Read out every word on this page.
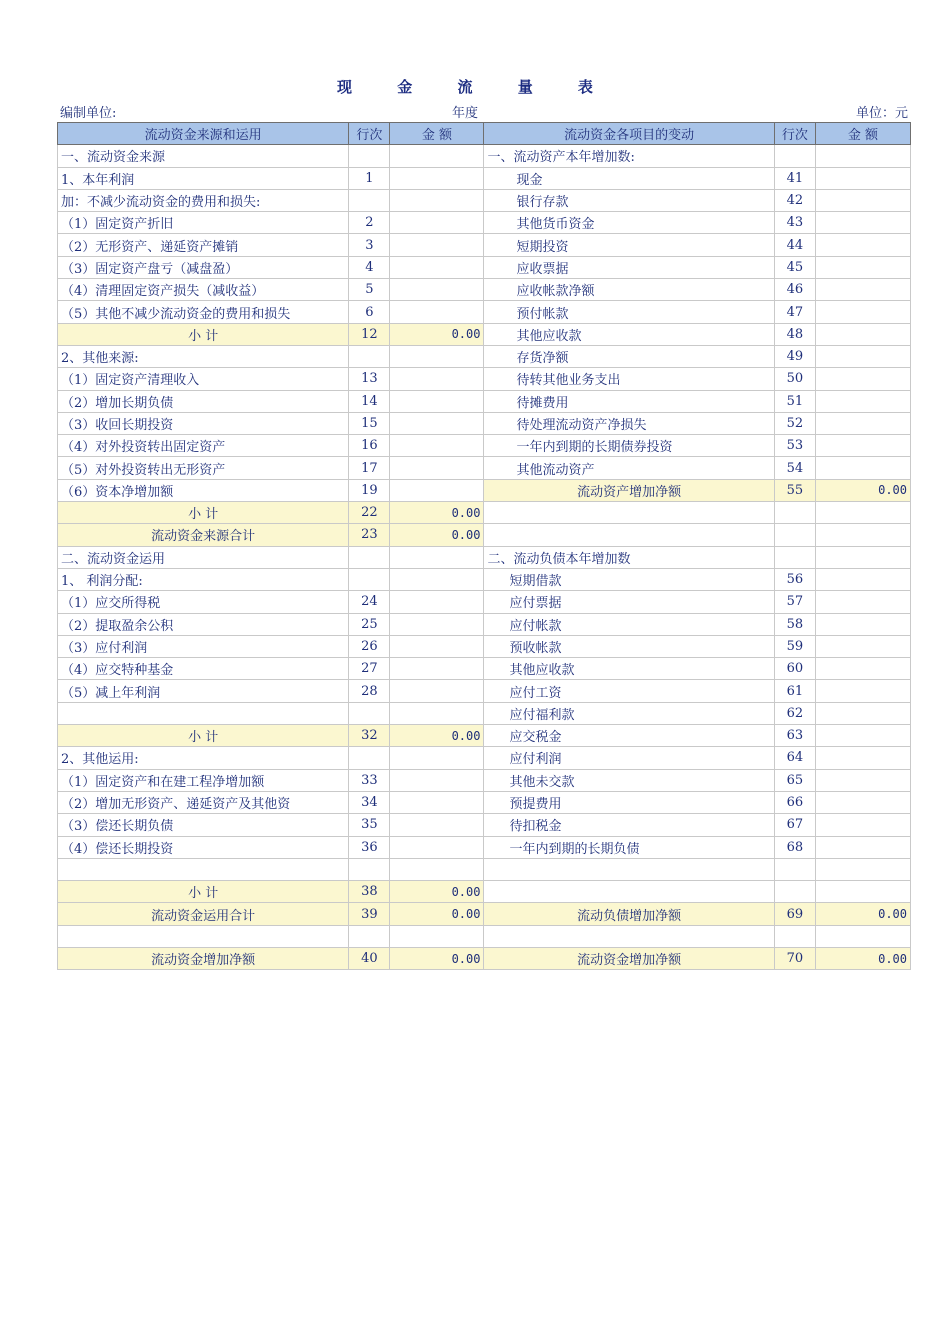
现 金 流 量 表
编制单位:	年度	单位：元
流动资金来源和运用	行次	金 额	流动资金各项目的变动	行次	金 额
一、流动资金来源			一、流动资产本年增加数:		
1、本年利润	1		现金	41	
加：不减少流动资金的费用和损失:			银行存款	42	
（1）固定资产折旧	2		其他货币资金	43	
（2）无形资产、递延资产摊销	3		短期投资	44	
（3）固定资产盘亏（减盘盈）	4		应收票据	45	
（4）清理固定资产损失（减收益）	5		应收帐款净额	46	
（5）其他不减少流动资金的费用和损失	6		预付帐款	47	
小 计	12	0.00	其他应收款	48	
2、其他来源:			存货净额	49	
（1）固定资产清理收入	13		待转其他业务支出	50	
（2）增加长期负债	14		待摊费用	51	
（3）收回长期投资	15		待处理流动资产净损失	52	
（4）对外投资转出固定资产	16		一年内到期的长期债券投资	53	
（5）对外投资转出无形资产	17		其他流动资产	54	
（6）资本净增加额	19		流动资产增加净额	55	0.00
小 计	22	0.00			
流动资金来源合计	23	0.00			
二、流动资金运用			二、流动负债本年增加数		
1、 利润分配:			短期借款	56	
（1）应交所得税	24		应付票据	57	
（2）提取盈余公积	25		应付帐款	58	
（3）应付利润	26		预收帐款	59	
（4）应交特种基金	27		其他应收款	60	
（5）减上年利润	28		应付工资	61	
			应付福利款	62	
小 计	32	0.00	应交税金	63	
2、其他运用:			应付利润	64	
（1）固定资产和在建工程净增加额	33		其他未交款	65	
（2）增加无形资产、递延资产及其他资	34		预提费用	66	
（3）偿还长期负债	35		待扣税金	67	
（4）偿还长期投资	36		一年内到期的长期负债	68	

小 计	38	0.00			
流动资金运用合计	39	0.00	流动负债增加净额	69	0.00

流动资金增加净额	40	0.00	流动资金增加净额	70	0.00
